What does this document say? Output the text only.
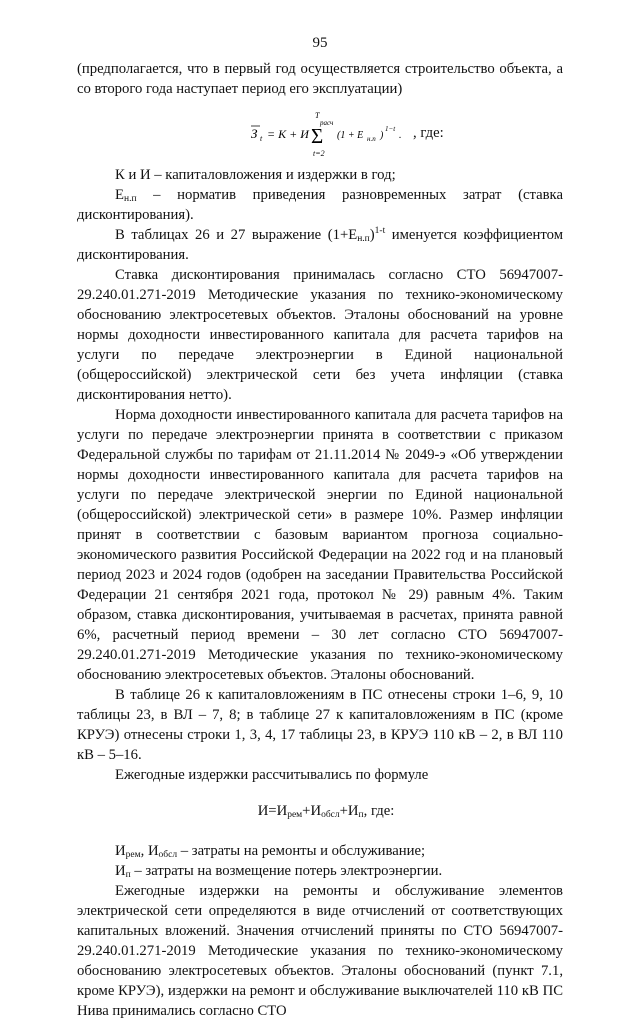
95

(предполагается, что в первый год осуществляется строительство объекта, а со второго года наступает период его эксплуатации)

З t = K + И
T
расч
Σ
t=2
(1 + E н.п )
1−t
. , где:

К и И – капиталовложения и издержки в год;

$Е_{н.п}$ – норматив приведения разновременных затрат (ставка дисконтирования).

В таблицах 26 и 27 выражение $(1+Е_{н.п})^{1-t}$ именуется коэффициентом дисконтирования.

Ставка дисконтирования принималась согласно СТО 56947007-29.240.01.271-2019 Методические указания по технико-экономическому обоснованию электросетевых объектов. Эталоны обоснований на уровне нормы доходности инвестированного капитала для расчета тарифов на услуги по передаче электроэнергии в Единой национальной (общероссийской) электрической сети без учета инфляции (ставка дисконтирования нетто).

Норма доходности инвестированного капитала для расчета тарифов на услуги по передаче электроэнергии принята в соответствии с приказом Федеральной службы по тарифам от 21.11.2014 № 2049-э «Об утверждении нормы доходности инвестированного капитала для расчета тарифов на услуги по передаче электрической энергии по Единой национальной (общероссийской) электрической сети» в размере 10%. Размер инфляции принят в соответствии с базовым вариантом прогноза социально-экономического развития Российской Федерации на 2022 год и на плановый период 2023 и 2024 годов (одобрен на заседании Правительства Российской Федерации 21 сентября 2021 года, протокол № 29) равным 4%. Таким образом, ставка дисконтирования, учитываемая в расчетах, принята равной 6%, расчетный период времени – 30 лет согласно СТО 56947007-29.240.01.271-2019 Методические указания по технико-экономическому обоснованию электросетевых объектов. Эталоны обоснований.

В таблице 26 к капиталовложениям в ПС отнесены строки 1–6, 9, 10 таблицы 23, в ВЛ – 7, 8; в таблице 27 к капиталовложениям в ПС (кроме КРУЭ) отнесены строки 1, 3, 4, 17 таблицы 23, в КРУЭ 110 кВ – 2, в ВЛ 110 кВ – 5–16.

Ежегодные издержки рассчитывались по формуле

$И=И_{рем}+И_{обсл}+И_п$, где:

$И_{рем}$, $И_{обсл}$ – затраты на ремонты и обслуживание;

$И_п$ – затраты на возмещение потерь электроэнергии.

Ежегодные издержки на ремонты и обслуживание элементов электрической сети определяются в виде отчислений от соответствующих капитальных вложений. Значения отчислений приняты по СТО 56947007-29.240.01.271-2019 Методические указания по технико-экономическому обоснованию электросетевых объектов. Эталоны обоснований (пункт 7.1, кроме КРУЭ), издержки на ремонт и обслуживание выключателей 110 кВ ПС Нива принимались согласно СТО
